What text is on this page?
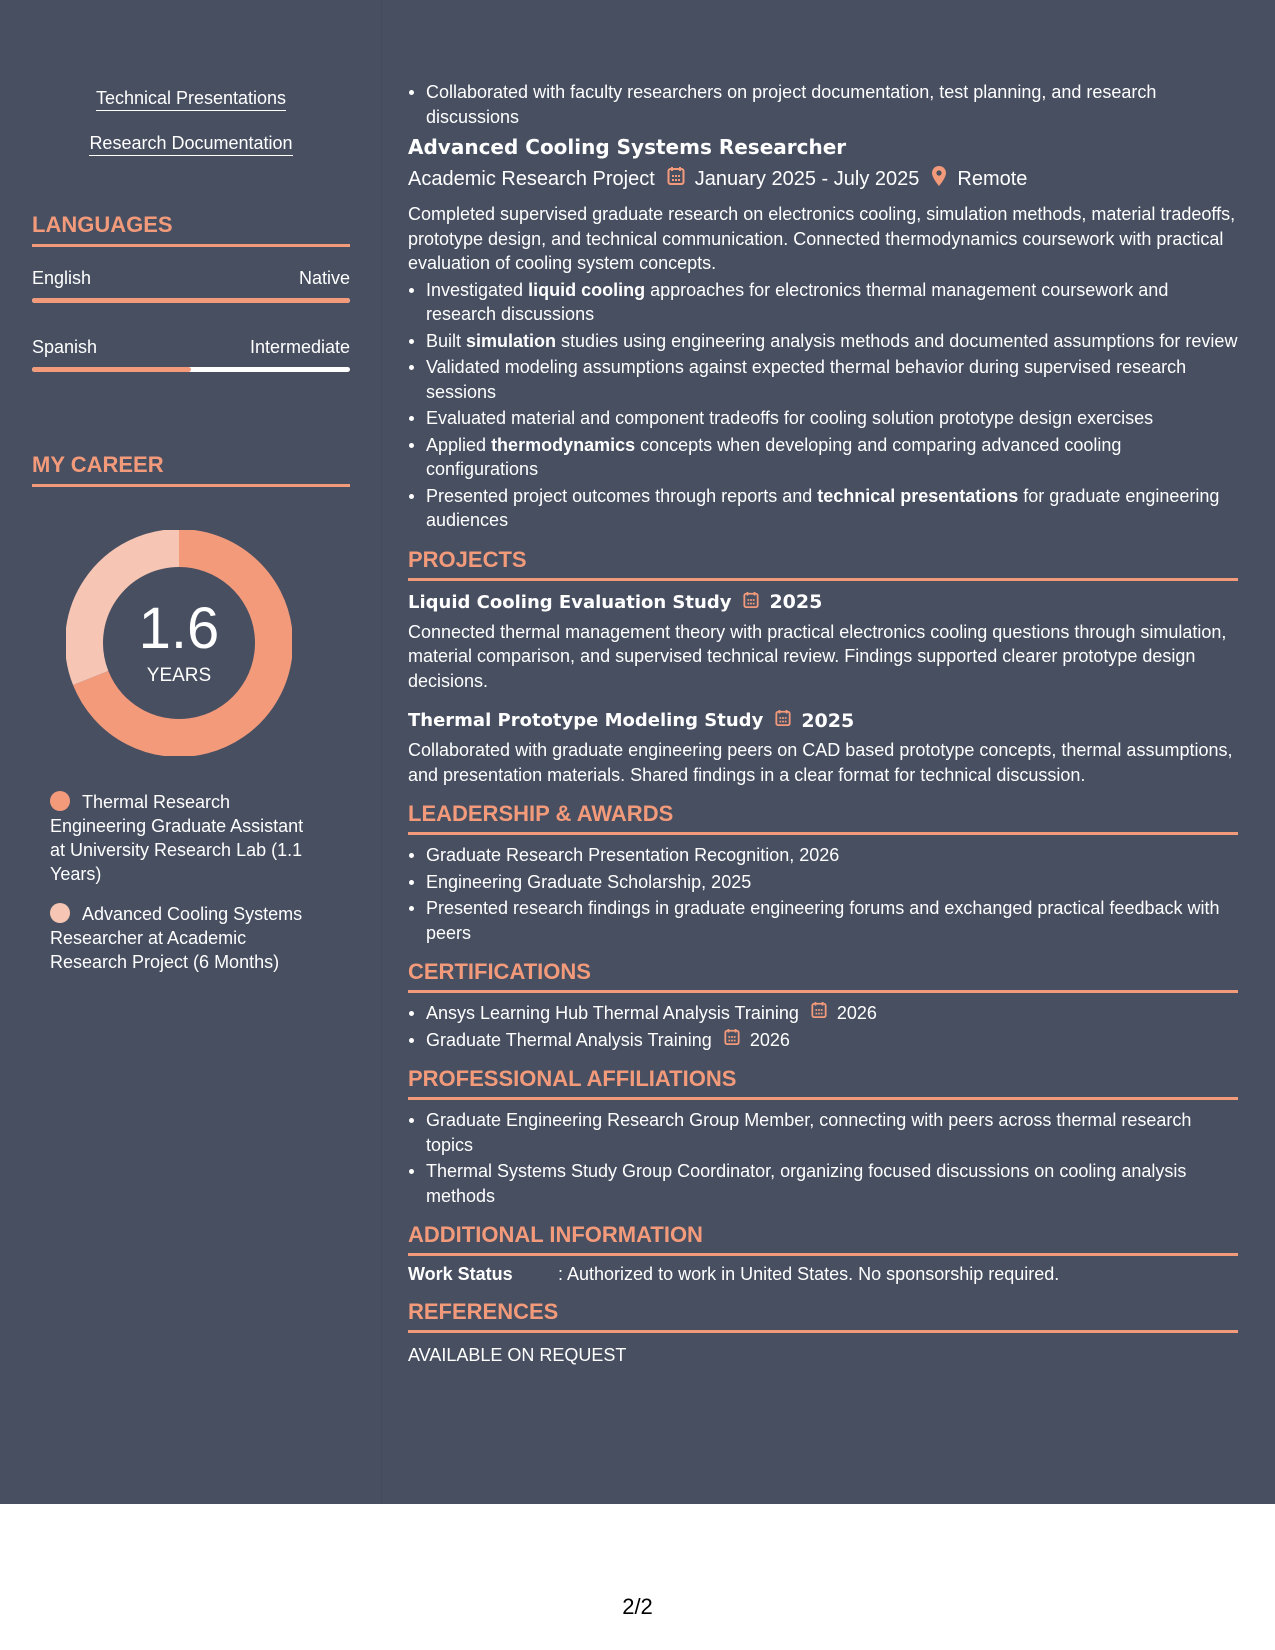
Technical Presentations
Research Documentation
LANGUAGES
English	Native
Spanish	Intermediate
MY CAREER
1.6
YEARS
Thermal Research Engineering Graduate Assistant at University Research Lab (1.1 Years)
Advanced Cooling Systems Researcher at Academic Research Project (6 Months)
Collaborated with faculty researchers on project documentation, test planning, and research discussions
Advanced Cooling Systems Researcher
Academic Research Project January 2025 - July 2025 Remote
Completed supervised graduate research on electronics cooling, simulation methods, material tradeoffs, prototype design, and technical communication. Connected thermodynamics coursework with practical evaluation of cooling system concepts.
Investigated liquid cooling approaches for electronics thermal management coursework and research discussions
Built simulation studies using engineering analysis methods and documented assumptions for review
Validated modeling assumptions against expected thermal behavior during supervised research sessions
Evaluated material and component tradeoffs for cooling solution prototype design exercises
Applied thermodynamics concepts when developing and comparing advanced cooling configurations
Presented project outcomes through reports and technical presentations for graduate engineering audiences
PROJECTS
Liquid Cooling Evaluation Study 2025
Connected thermal management theory with practical electronics cooling questions through simulation, material comparison, and supervised technical review. Findings supported clearer prototype design decisions.
Thermal Prototype Modeling Study 2025
Collaborated with graduate engineering peers on CAD based prototype concepts, thermal assumptions, and presentation materials. Shared findings in a clear format for technical discussion.
LEADERSHIP & AWARDS
Graduate Research Presentation Recognition, 2026
Engineering Graduate Scholarship, 2025
Presented research findings in graduate engineering forums and exchanged practical feedback with peers
CERTIFICATIONS
Ansys Learning Hub Thermal Analysis Training 2026
Graduate Thermal Analysis Training 2026
PROFESSIONAL AFFILIATIONS
Graduate Engineering Research Group Member, connecting with peers across thermal research topics
Thermal Systems Study Group Coordinator, organizing focused discussions on cooling analysis methods
ADDITIONAL INFORMATION
Work Status	: Authorized to work in United States. No sponsorship required.
REFERENCES
AVAILABLE ON REQUEST
2/2
